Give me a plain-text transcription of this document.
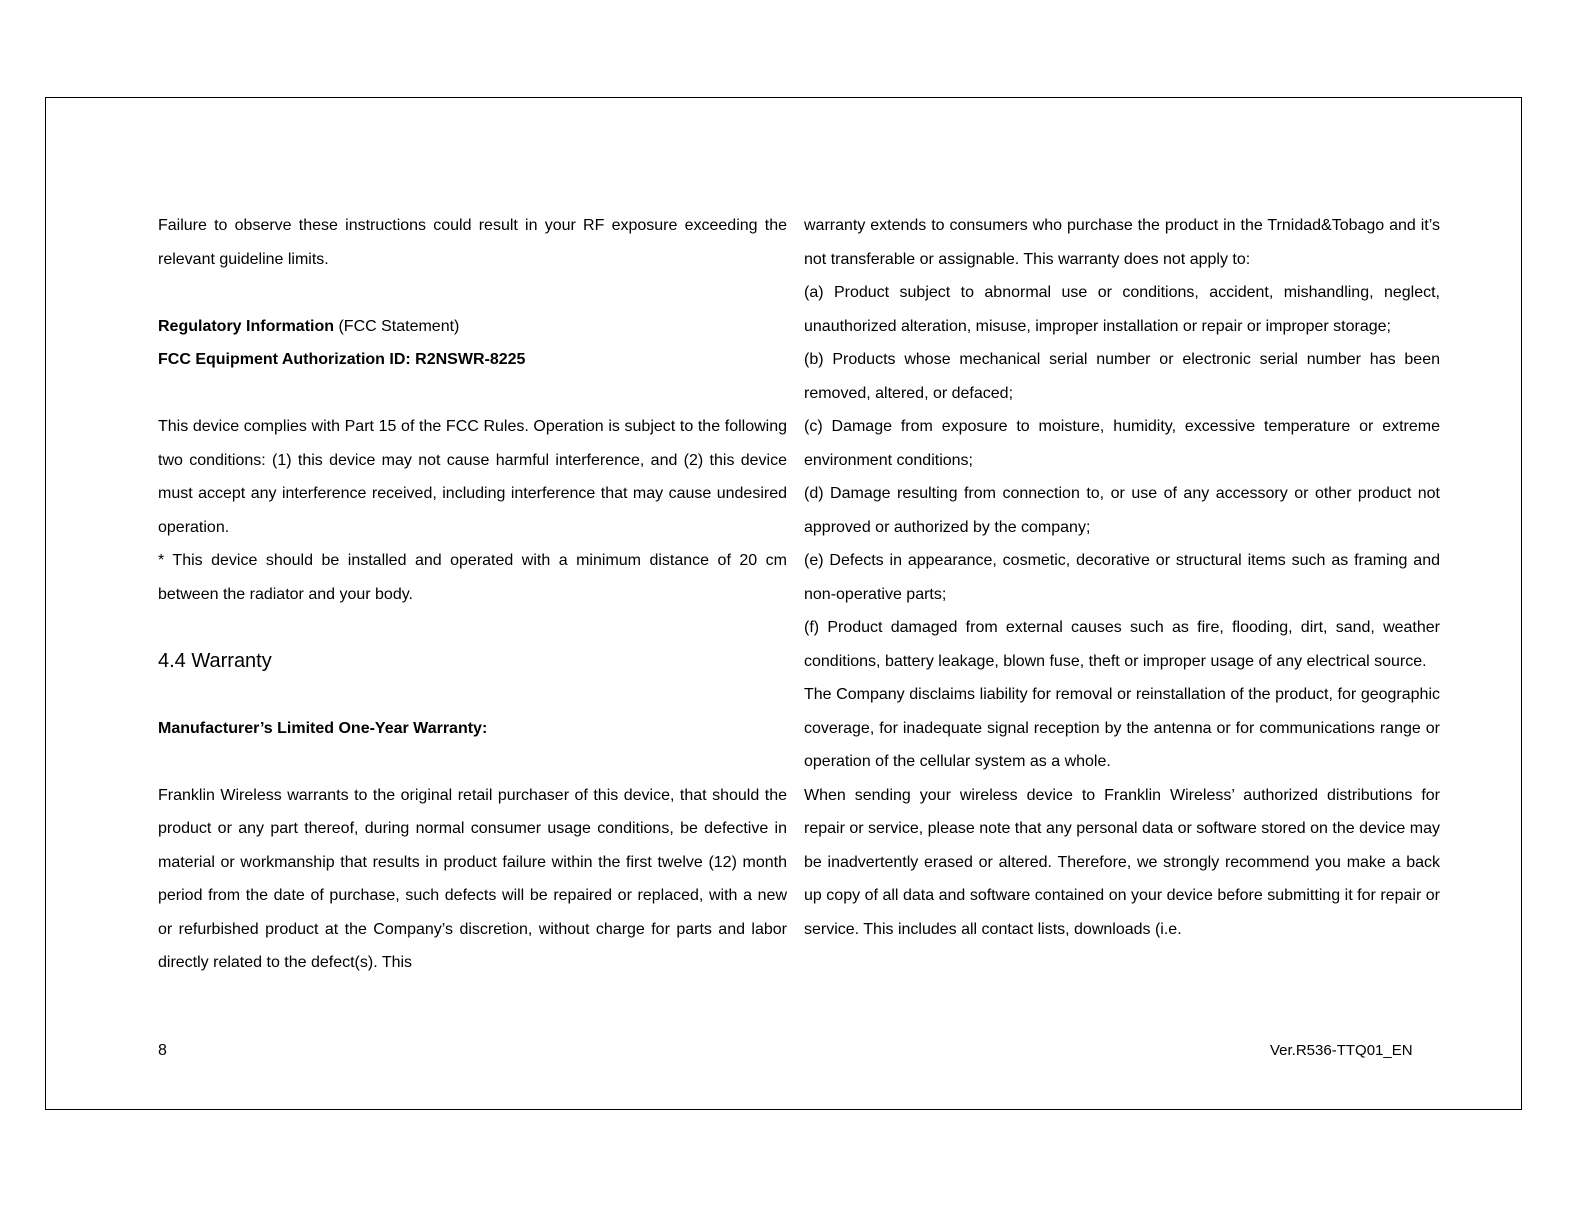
Failure to observe these instructions could result in your RF exposure exceeding the relevant guideline limits.

Regulatory Information (FCC Statement)

FCC Equipment Authorization ID: R2NSWR-8225

This device complies with Part 15 of the FCC Rules. Operation is subject to the following two conditions: (1) this device may not cause harmful interference, and (2) this device must accept any interference received, including interference that may cause undesired operation.

* This device should be installed and operated with a minimum distance of 20 cm between the radiator and your body.

4.4 Warranty

Manufacturer’s Limited One-Year Warranty:

Franklin Wireless warrants to the original retail purchaser of this device, that should the product or any part thereof, during normal consumer usage conditions, be defective in material or workmanship that results in product failure within the first twelve (12) month period from the date of purchase, such defects will be repaired or replaced, with a new or refurbished product at the Company’s discretion, without charge for parts and labor directly related to the defect(s). This

warranty extends to consumers who purchase the product in the Trnidad&Tobago and it’s not transferable or assignable. This warranty does not apply to:

(a) Product subject to abnormal use or conditions, accident, mishandling, neglect, unauthorized alteration, misuse, improper installation or repair or improper storage;

(b) Products whose mechanical serial number or electronic serial number has been removed, altered, or defaced;

(c) Damage from exposure to moisture, humidity, excessive temperature or extreme environment conditions;

(d) Damage resulting from connection to, or use of any accessory or other product not approved or authorized by the company;

(e) Defects in appearance, cosmetic, decorative or structural items such as framing and non-operative parts;

(f) Product damaged from external causes such as fire, flooding, dirt, sand, weather conditions, battery leakage, blown fuse, theft or improper usage of any electrical source.

The Company disclaims liability for removal or reinstallation of the product, for geographic coverage, for inadequate signal reception by the antenna or for communications range or operation of the cellular system as a whole.

When sending your wireless device to Franklin Wireless’ authorized distributions for repair or service, please note that any personal data or software stored on the device may be inadvertently erased or altered. Therefore, we strongly recommend you make a back up copy of all data and software contained on your device before submitting it for repair or service. This includes all contact lists, downloads (i.e.

8	Ver.R536-TTQ01_EN
